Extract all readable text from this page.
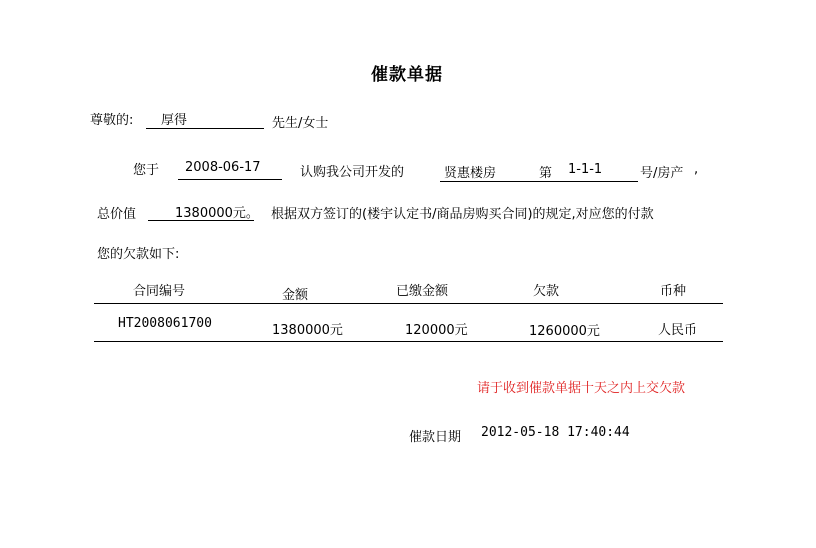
催款单据
尊敬的: 厚得	先生/女士
您于 2008-06-17	认购我公司开发的	贤惠楼房	第 1-1-1	号/房产 ,
总价值	1380000元。 根据双方签订的(楼宇认定书/商品房购买合同)的规定,对应您的付款
您的欠款如下:
合同编号	金额	已缴金额	欠款	币种
HT2008061700	1380000元	120000元	1260000元	人民币
请于收到催款单据十天之内上交欠款
催款日期 2012-05-18 17:40:44
